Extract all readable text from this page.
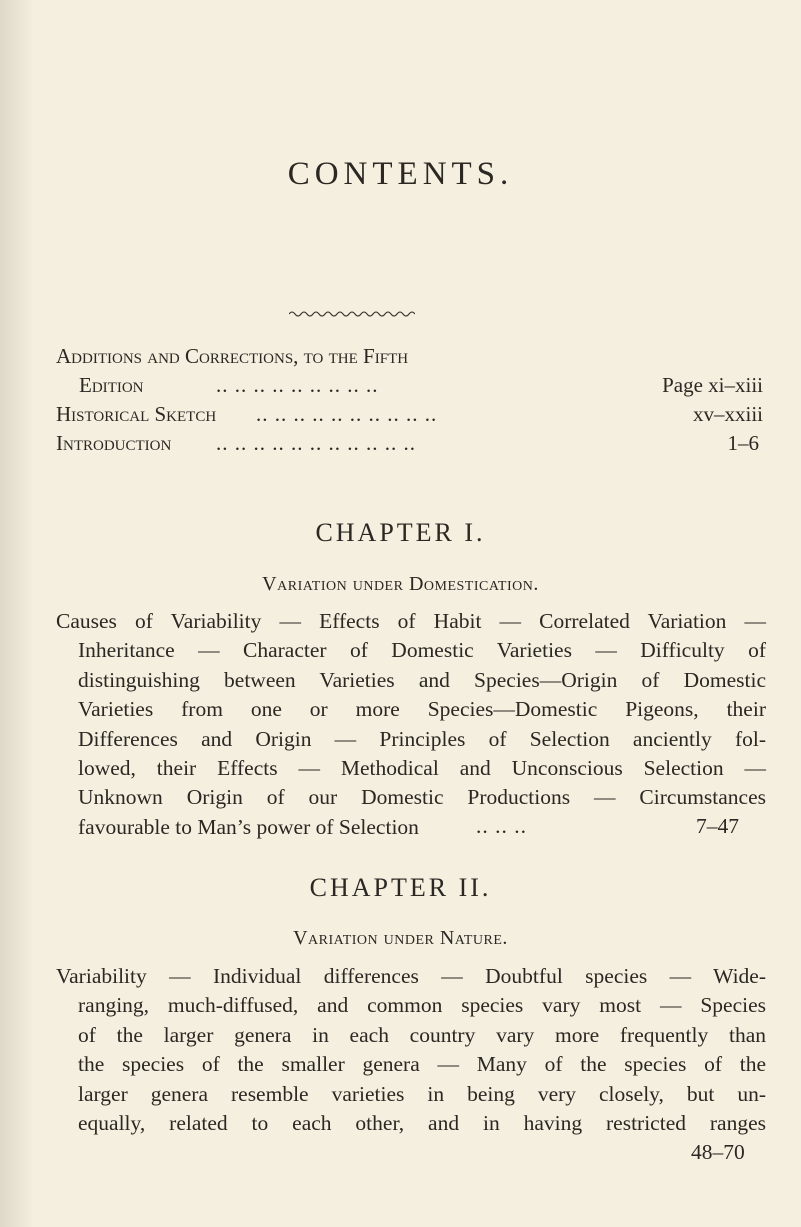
CONTENTS.
Additions and Corrections, to the Fifth
Edition	.. .. .. .. .. .. .. .. ..	Page xi–xiii
Historical Sketch .. .. .. .. .. .. .. .. .. ..	xv–xxiii
Introduction .. .. .. .. .. .. .. .. .. .. ..	1–6
CHAPTER I.
Variation under Domestication.
Causes of Variability — Effects of Habit — Correlated Variation —
Inheritance — Character of Domestic Varieties — Difficulty of
distinguishing between Varieties and Species—Origin of Domestic
Varieties from one or more Species—Domestic Pigeons, their
Differences and Origin — Principles of Selection anciently fol-
lowed, their Effects — Methodical and Unconscious Selection —
Unknown Origin of our Domestic Productions — Circumstances
favourable to Man’s power of Selection	.. .. ..	7–47
CHAPTER II.
Variation under Nature.
Variability — Individual differences — Doubtful species — Wide-
ranging, much-diffused, and common species vary most — Species
of the larger genera in each country vary more frequently than
the species of the smaller genera — Many of the species of the
larger genera resemble varieties in being very closely, but un-
equally, related to each other, and in having restricted ranges
48–70
